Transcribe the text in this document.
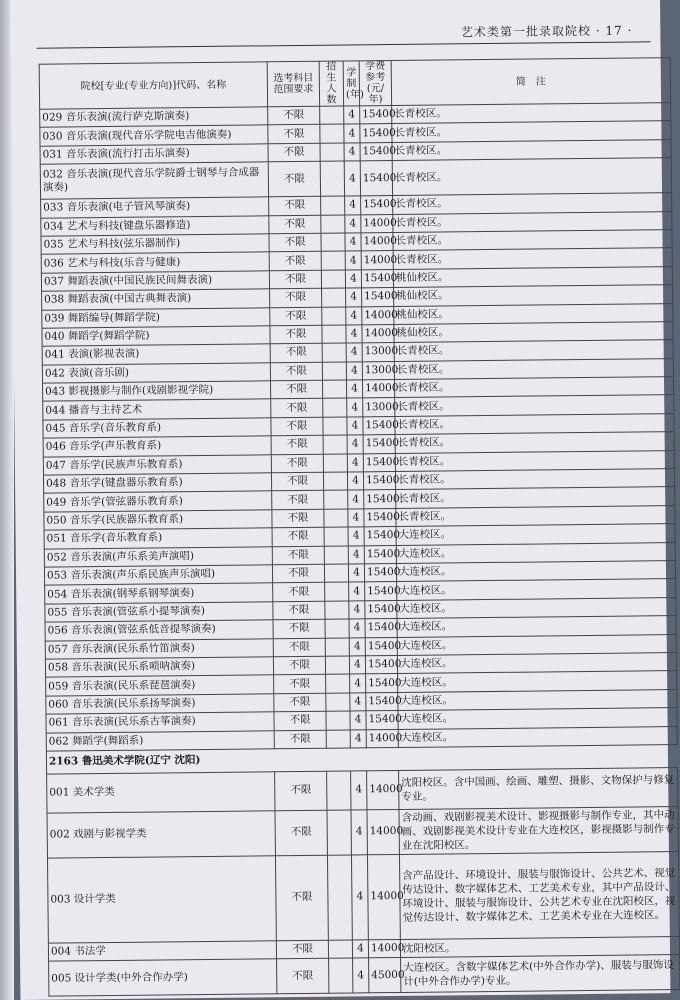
艺术类第一批录取院校 · 17 ·
院校[专业(专业方向)]代码、名称	选考科目范围要求	招生人数	学制(年)	学费参考(元/年)	简　注
029 音乐表演(流行萨克斯演奏)	不限		4	15400	长青校区。
030 音乐表演(现代音乐学院电吉他演奏)	不限		4	15400	长青校区。
031 音乐表演(流行打击乐演奏)	不限		4	15400	长青校区。
032 音乐表演(现代音乐学院爵士钢琴与合成器演奏)	不限		4	15400	长青校区。
033 音乐表演(电子管风琴演奏)	不限		4	15400	长青校区。
034 艺术与科技(键盘乐器修造)	不限		4	14000	长青校区。
035 艺术与科技(弦乐器制作)	不限		4	14000	长青校区。
036 艺术与科技(乐音与健康)	不限		4	14000	长青校区。
037 舞蹈表演(中国民族民间舞表演)	不限		4	15400	桃仙校区。
038 舞蹈表演(中国古典舞表演)	不限		4	15400	桃仙校区。
039 舞蹈编导(舞蹈学院)	不限		4	14000	桃仙校区。
040 舞蹈学(舞蹈学院)	不限		4	14000	桃仙校区。
041 表演(影视表演)	不限		4	13000	长青校区。
042 表演(音乐剧)	不限		4	13000	长青校区。
043 影视摄影与制作(戏剧影视学院)	不限		4	14000	长青校区。
044 播音与主持艺术	不限		4	13000	长青校区。
045 音乐学(音乐教育系)	不限		4	15400	长青校区。
046 音乐学(声乐教育系)	不限		4	15400	长青校区。
047 音乐学(民族声乐教育系)	不限		4	15400	长青校区。
048 音乐学(键盘器乐教育系)	不限		4	15400	长青校区。
049 音乐学(管弦器乐教育系)	不限		4	15400	长青校区。
050 音乐学(民族器乐教育系)	不限		4	15400	长青校区。
051 音乐学(音乐教育系)	不限		4	15400	大连校区。
052 音乐表演(声乐系美声演唱)	不限		4	15400	大连校区。
053 音乐表演(声乐系民族声乐演唱)	不限		4	15400	大连校区。
054 音乐表演(钢琴系钢琴演奏)	不限		4	15400	大连校区。
055 音乐表演(管弦系小提琴演奏)	不限		4	15400	大连校区。
056 音乐表演(管弦系低音提琴演奏)	不限		4	15400	大连校区。
057 音乐表演(民乐系竹笛演奏)	不限		4	15400	大连校区。
058 音乐表演(民乐系唢呐演奏)	不限		4	15400	大连校区。
059 音乐表演(民乐系琵琶演奏)	不限		4	15400	大连校区。
060 音乐表演(民乐系扬琴演奏)	不限		4	15400	大连校区。
061 音乐表演(民乐系古筝演奏)	不限		4	15400	大连校区。
062 舞蹈学(舞蹈系)	不限		4	14000	大连校区。
2163 鲁迅美术学院(辽宁 沈阳)					
001 美术学类	不限		4	14000	沈阳校区。含中国画、绘画、雕塑、摄影、文物保护与修复专业。
002 戏剧与影视学类	不限		4	14000	含动画、戏剧影视美术设计、影视摄影与制作专业，其中动画、戏剧影视美术设计专业在大连校区，影视摄影与制作专业在沈阳校区。
003 设计学类	不限		4	14000	含产品设计、环境设计、服装与服饰设计、公共艺术、视觉传达设计、数字媒体艺术、工艺美术专业，其中产品设计、环境设计、服装与服饰设计、公共艺术专业在沈阳校区，视觉传达设计、数字媒体艺术、工艺美术专业在大连校区。
004 书法学	不限		4	14000	沈阳校区。
005 设计学类(中外合作办学)	不限		4	45000	大连校区。含数字媒体艺术(中外合作办学)、服装与服饰设计(中外合作办学)专业。
